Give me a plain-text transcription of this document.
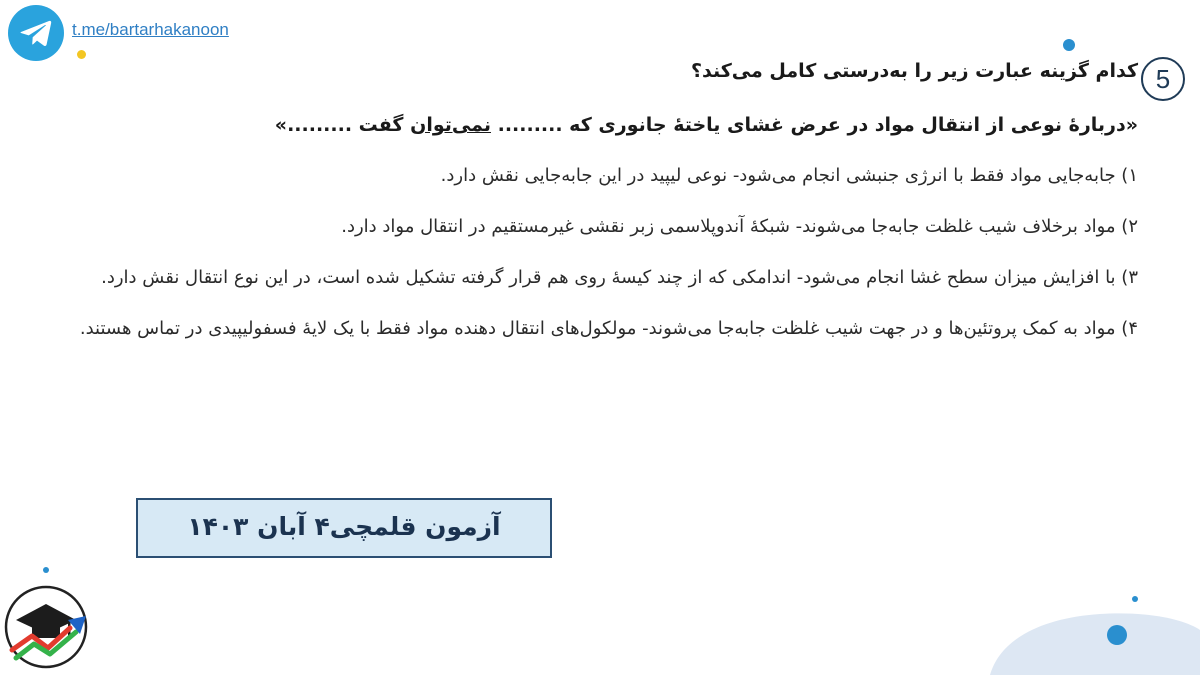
t.me/bartarhakanoon
5
کدام گزینه عبارت زیر را به‌درستی کامل می‌کند؟
«درباره‌ٔ نوعی از انتقال مواد در عرض غشای یاختهٔ جانوری که ......... نمی‌توان گفت .........»
۱) جابه‌جایی مواد فقط با انرژی جنبشی انجام می‌شود- نوعی لیپید در این جابه‌جایی نقش دارد.
۲) مواد برخلاف شیب غلظت جابه‌جا می‌شوند- شبکهٔ آندوپلاسمی زبر نقشی غیرمستقیم در انتقال مواد دارد.
۳) با افزایش میزان سطح غشا انجام می‌شود- اندامکی که از چند کیسهٔ روی هم قرار گرفته تشکیل شده است، در این نوع انتقال نقش دارد.
۴) مواد به کمک پروتئین‌ها و در جهت شیب غلظت جابه‌جا می‌شوند- مولکول‌های انتقال دهنده مواد فقط با یک لایهٔ فسفولیپیدی در تماس هستند.
آزمون قلمچی۴ آبان ۱۴۰۳
